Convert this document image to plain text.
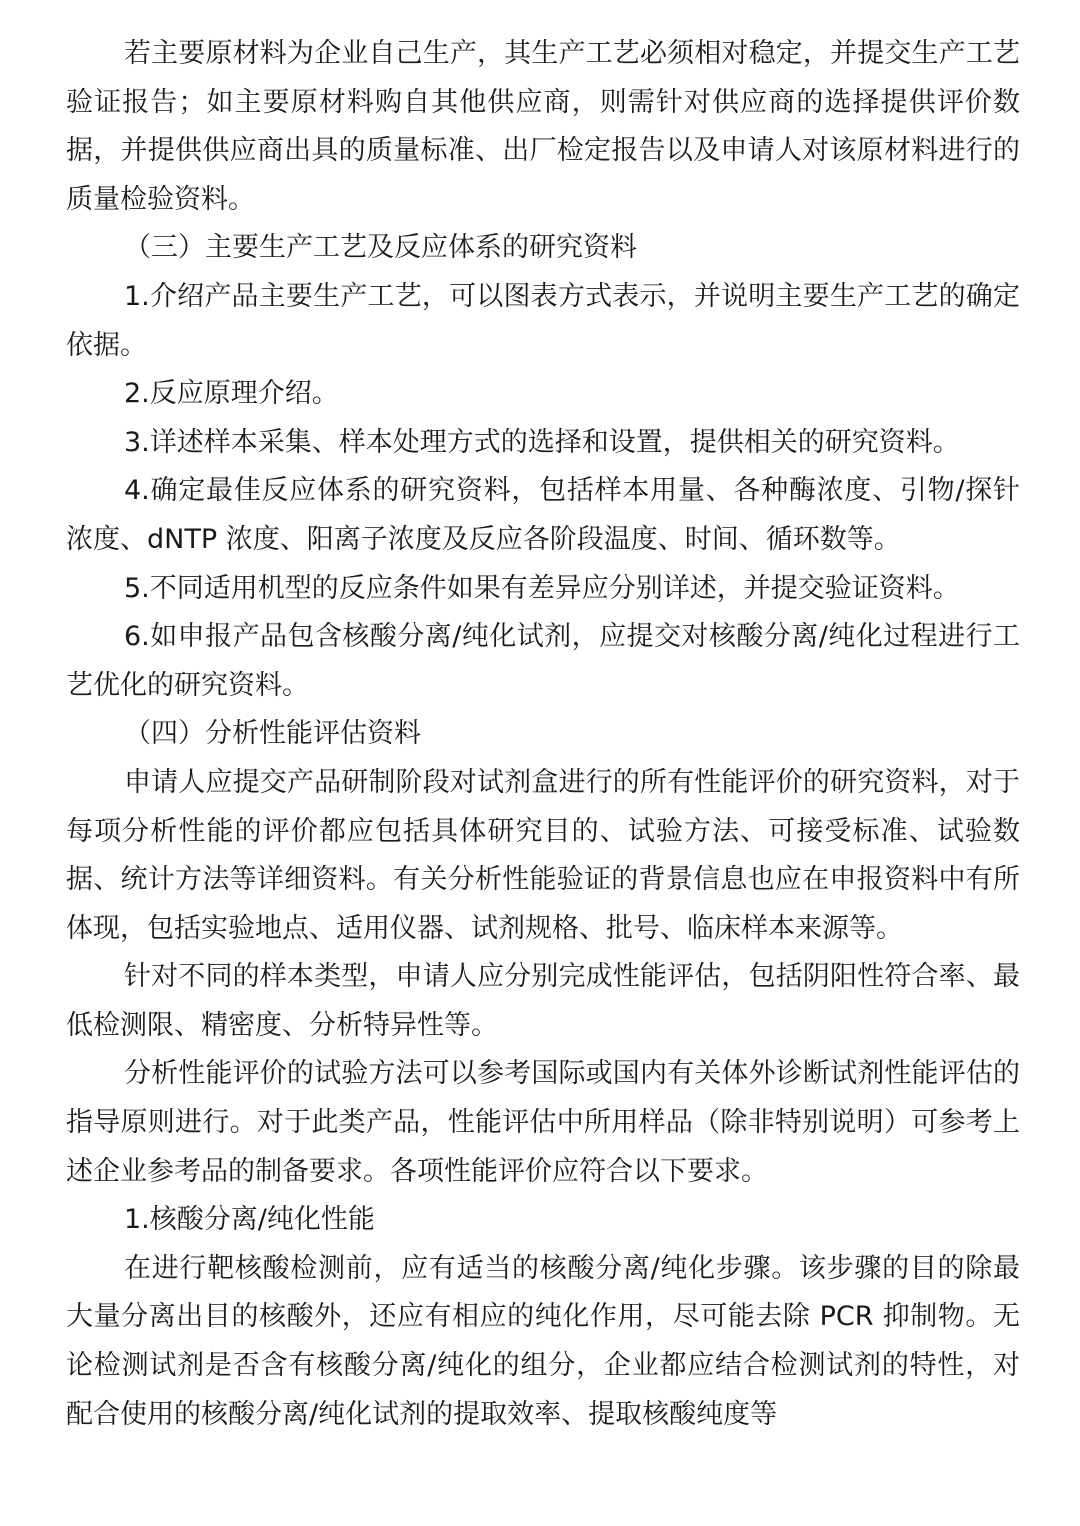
若主要原材料为企业自己生产，其生产工艺必须相对稳定，并提交生产工艺验证报告；如主要原材料购自其他供应商，则需针对供应商的选择提供评价数据，并提供供应商出具的质量标准、出厂检定报告以及申请人对该原材料进行的质量检验资料。

（三）主要生产工艺及反应体系的研究资料

1.介绍产品主要生产工艺，可以图表方式表示，并说明主要生产工艺的确定依据。

2.反应原理介绍。

3.详述样本采集、样本处理方式的选择和设置，提供相关的研究资料。

4.确定最佳反应体系的研究资料，包括样本用量、各种酶浓度、引物/探针浓度、dNTP 浓度、阳离子浓度及反应各阶段温度、时间、循环数等。

5.不同适用机型的反应条件如果有差异应分别详述，并提交验证资料。

6.如申报产品包含核酸分离/纯化试剂，应提交对核酸分离/纯化过程进行工艺优化的研究资料。

（四）分析性能评估资料

申请人应提交产品研制阶段对试剂盒进行的所有性能评价的研究资料，对于每项分析性能的评价都应包括具体研究目的、试验方法、可接受标准、试验数据、统计方法等详细资料。有关分析性能验证的背景信息也应在申报资料中有所体现，包括实验地点、适用仪器、试剂规格、批号、临床样本来源等。

针对不同的样本类型，申请人应分别完成性能评估，包括阴阳性符合率、最低检测限、精密度、分析特异性等。

分析性能评价的试验方法可以参考国际或国内有关体外诊断试剂性能评估的指导原则进行。对于此类产品，性能评估中所用样品（除非特别说明）可参考上述企业参考品的制备要求。各项性能评价应符合以下要求。

1.核酸分离/纯化性能

在进行靶核酸检测前，应有适当的核酸分离/纯化步骤。该步骤的目的除最大量分离出目的核酸外，还应有相应的纯化作用，尽可能去除 PCR 抑制物。无论检测试剂是否含有核酸分离/纯化的组分，企业都应结合检测试剂的特性，对配合使用的核酸分离/纯化试剂的提取效率、提取核酸纯度等
